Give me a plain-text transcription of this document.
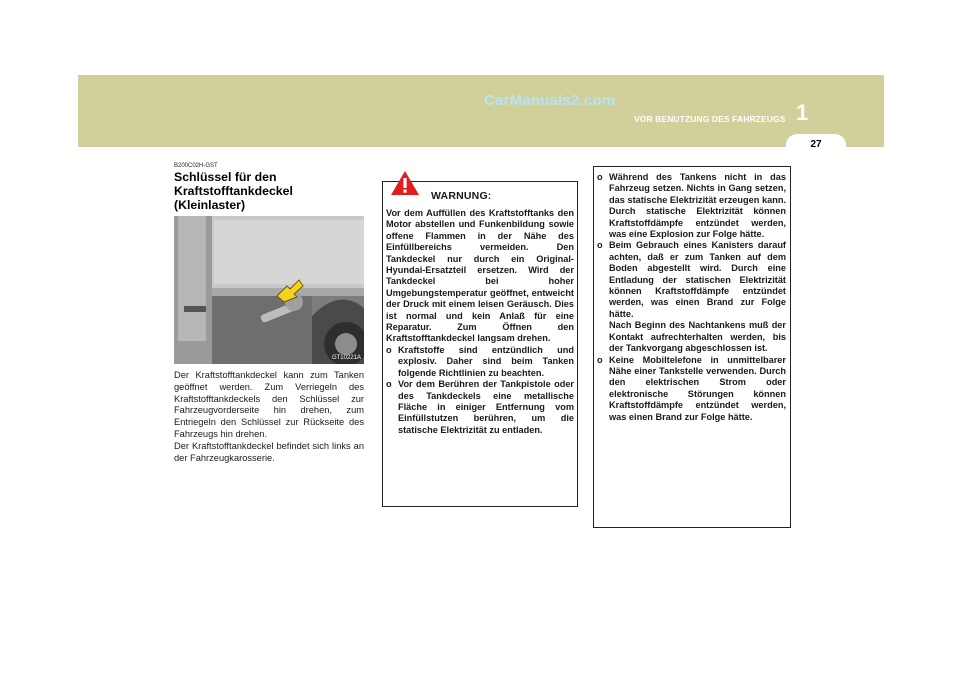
CarManuals2.com
VOR BENUTZUNG DES FAHRZEUGS 1
27
B200C02H-GST
Schlüssel für den
Kraftstofftankdeckel
(Kleinlaster)
GT10221A
Der Kraftstofftankdeckel kann zum Tanken geöffnet werden. Zum Verriegeln des Kraftstofftankdeckels den Schlüssel zur Fahrzeugvorderseite hin drehen, zum Entriegeln den Schlüssel zur Rückseite des Fahrzeugs hin drehen.
Der Kraftstofftankdeckel befindet sich links an der Fahrzeugkarosserie.
WARNUNG:
Vor dem Auffüllen des Kraftstofftanks den Motor abstellen und Funkenbildung sowie offene Flammen in der Nähe des Einfüllbereichs vermeiden. Den Tankdeckel nur durch ein Original-Hyundai-Ersatzteil ersetzen. Wird der Tankdeckel bei hoher Umgebungstemperatur geöffnet, entweicht der Druck mit einem leisen Geräusch. Dies ist normal und kein Anlaß für eine Reparatur. Zum Öffnen den Kraftstofftankdeckel langsam drehen.
o Kraftstoffe sind entzündlich und explosiv. Daher sind beim Tanken folgende Richtlinien zu beachten.
o Vor dem Berühren der Tankpistole oder des Tankdeckels eine metallische Fläche in einiger Entfernung vom Einfüllstutzen berühren, um die statische Elektrizität zu entladen.
o Während des Tankens nicht in das Fahrzeug setzen. Nichts in Gang setzen, das statische Elektrizität erzeugen kann. Durch statische Elektrizität können Kraftstoffdämpfe entzündet werden, was eine Explosion zur Folge hätte.
o Beim Gebrauch eines Kanisters darauf achten, daß er zum Tanken auf dem Boden abgestellt wird. Durch eine Entladung der statischen Elektrizität können Kraftstoffdämpfe entzündet werden, was einen Brand zur Folge hätte.
Nach Beginn des Nachtankens muß der Kontakt aufrechterhalten werden, bis der Tankvorgang abgeschlossen ist.
o Keine Mobiltelefone in unmittelbarer Nähe einer Tankstelle verwenden. Durch den elektrischen Strom oder elektronische Störungen können Kraftstoffdämpfe entzündet werden, was einen Brand zur Folge hätte.
